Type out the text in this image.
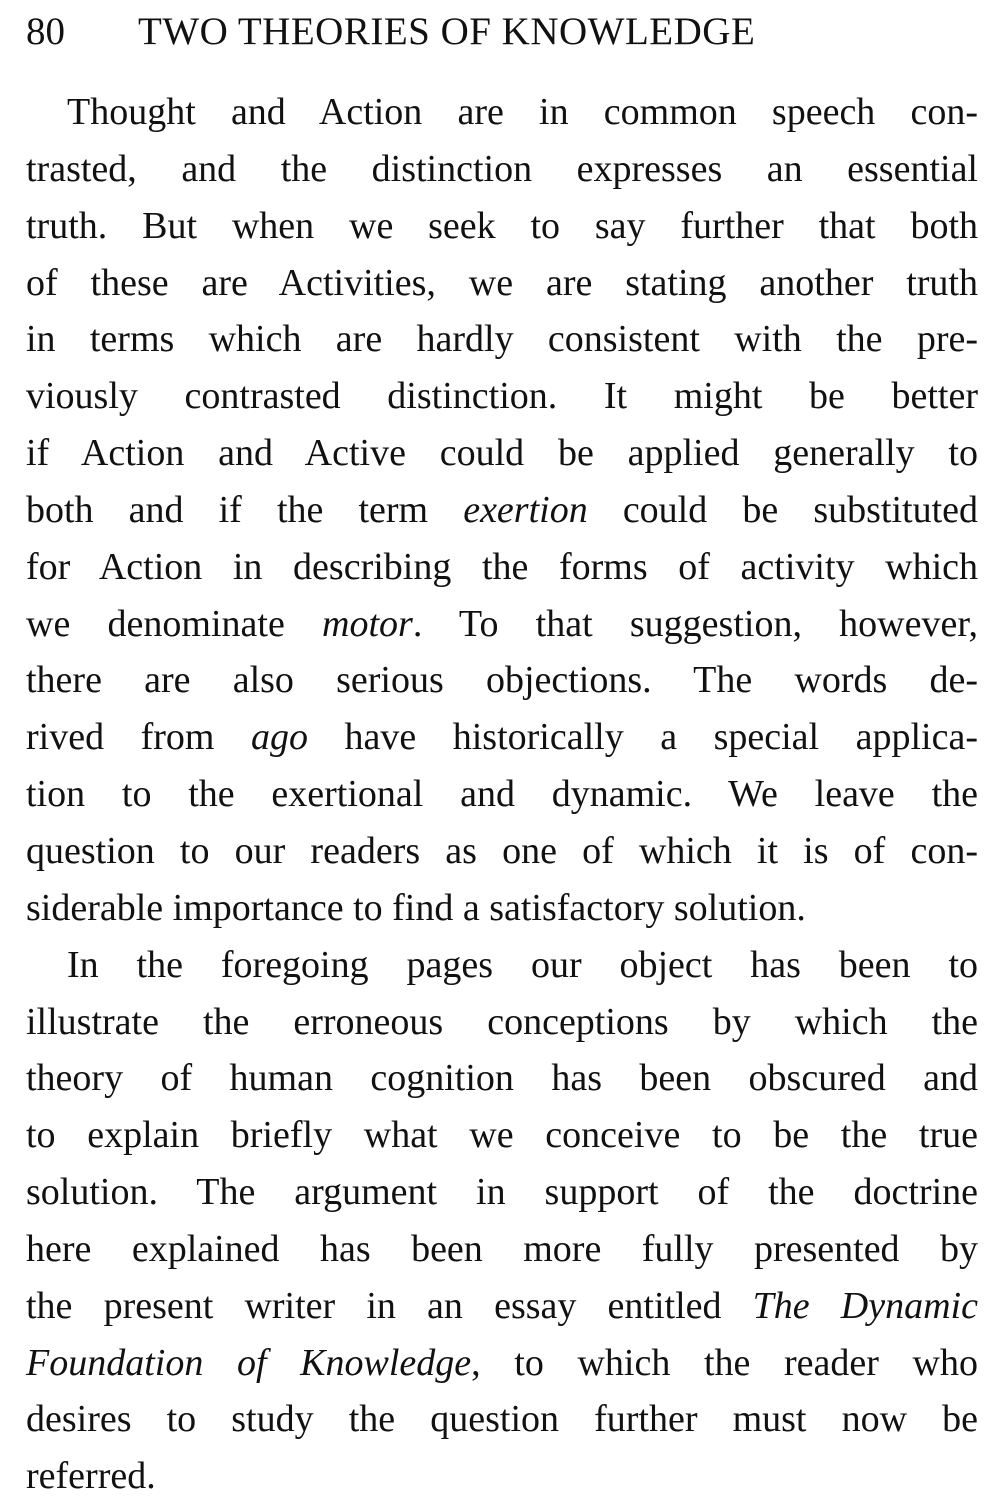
80 TWO THEORIES OF KNOWLEDGE
Thought and Action are in common speech con-
trasted, and the distinction expresses an essential
truth. But when we seek to say further that both
of these are Activities, we are stating another truth
in terms which are hardly consistent with the pre-
viously contrasted distinction. It might be better
if Action and Active could be applied generally to
both and if the term exertion could be substituted
for Action in describing the forms of activity which
we denominate motor. To that suggestion, however,
there are also serious objections. The words de-
rived from ago have historically a special applica-
tion to the exertional and dynamic. We leave the
question to our readers as one of which it is of con-
siderable importance to find a satisfactory solution.
In the foregoing pages our object has been to
illustrate the erroneous conceptions by which the
theory of human cognition has been obscured and
to explain briefly what we conceive to be the true
solution. The argument in support of the doctrine
here explained has been more fully presented by
the present writer in an essay entitled The Dynamic
Foundation of Knowledge, to which the reader who
desires to study the question further must now be
referred.
